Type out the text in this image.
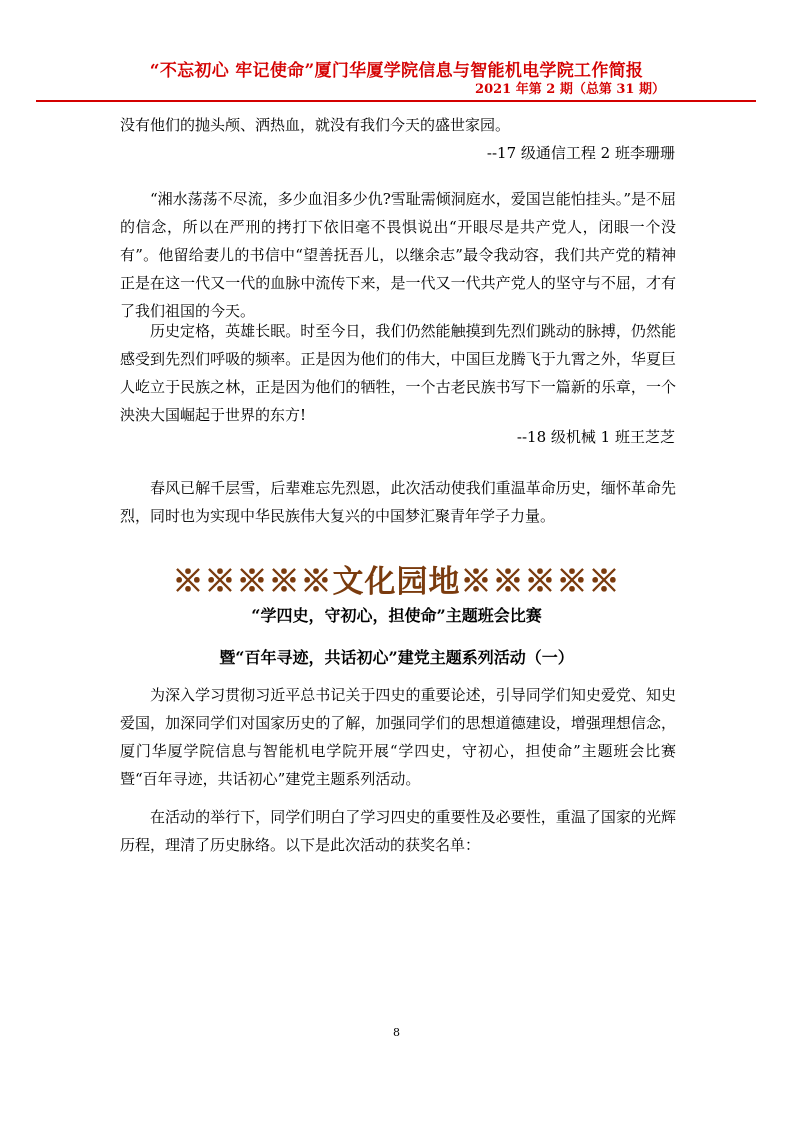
“不忘初心 牢记使命”厦门华厦学院信息与智能机电学院工作简报
2021 年第 2 期（总第 31 期）

没有他们的抛头颅、洒热血，就没有我们今天的盛世家园。

--17 级通信工程 2 班李珊珊

“湘水荡荡不尽流，多少血泪多少仇?雪耻需倾洞庭水，爱国岂能怕挂头。”是不屈的信念，所以在严刑的拷打下依旧毫不畏惧说出“开眼尽是共产党人，闭眼一个没有”。他留给妻儿的书信中“望善抚吾儿，以继余志”最令我动容，我们共产党的精神正是在这一代又一代的血脉中流传下来，是一代又一代共产党人的坚守与不屈，才有了我们祖国的今天。

历史定格，英雄长眠。时至今日，我们仍然能触摸到先烈们跳动的脉搏，仍然能感受到先烈们呼吸的频率。正是因为他们的伟大，中国巨龙腾飞于九霄之外，华夏巨人屹立于民族之林，正是因为他们的牺牲，一个古老民族书写下一篇新的乐章，一个泱泱大国崛起于世界的东方!

--18 级机械 1 班王芝芝

春风已解千层雪，后辈难忘先烈恩，此次活动使我们重温革命历史，缅怀革命先烈，同时也为实现中华民族伟大复兴的中国梦汇聚青年学子力量。

※※※※※文化园地※※※※※
“学四史，守初心，担使命”主题班会比赛
暨“百年寻迹，共话初心”建党主题系列活动（一）

为深入学习贯彻习近平总书记关于四史的重要论述，引导同学们知史爱党、知史爱国，加深同学们对国家历史的了解，加强同学们的思想道德建设，增强理想信念，厦门华厦学院信息与智能机电学院开展“学四史，守初心，担使命”主题班会比赛暨“百年寻迹，共话初心”建党主题系列活动。

在活动的举行下，同学们明白了学习四史的重要性及必要性，重温了国家的光辉历程，理清了历史脉络。以下是此次活动的获奖名单：

8
